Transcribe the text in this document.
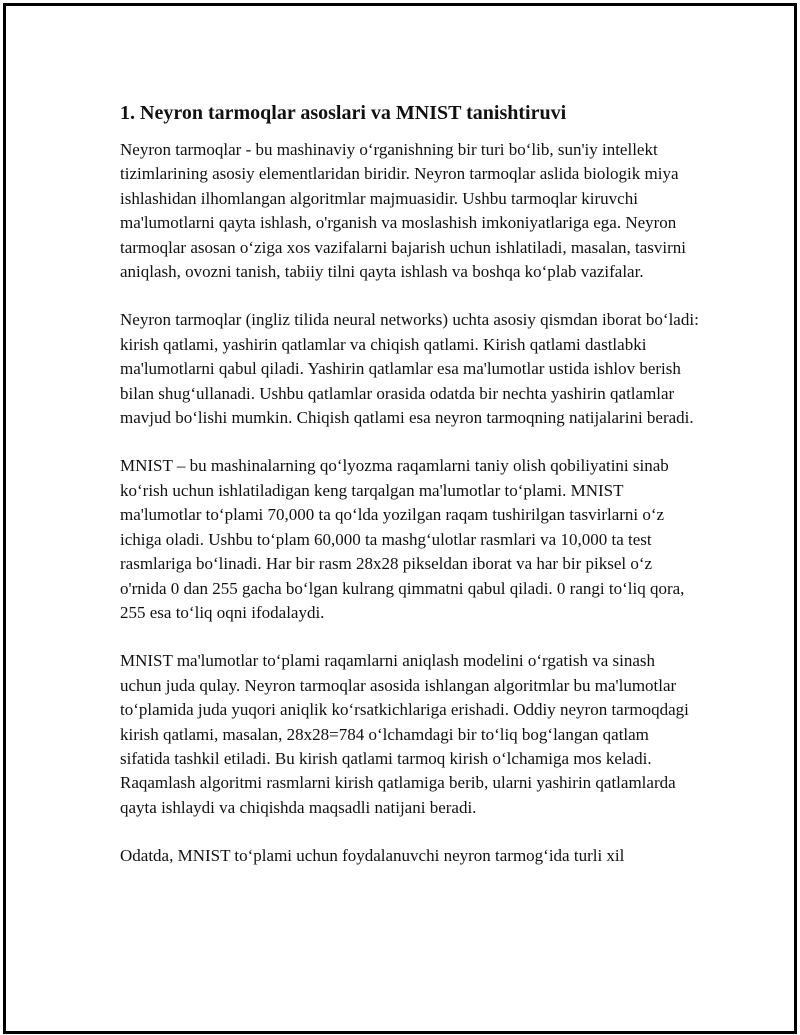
1. Neyron tarmoqlar asoslari va MNIST tanishtiruvi

Neyron tarmoqlar - bu mashinaviy o‘rganishning bir turi bo‘lib, sun'iy intellekt tizimlarining asosiy elementlaridan biridir. Neyron tarmoqlar aslida biologik miya ishlashidan ilhomlangan algoritmlar majmuasidir. Ushbu tarmoqlar kiruvchi ma'lumotlarni qayta ishlash, o'rganish va moslashish imkoniyatlariga ega. Neyron tarmoqlar asosan o‘ziga xos vazifalarni bajarish uchun ishlatiladi, masalan, tasvirni aniqlash, ovozni tanish, tabiiy tilni qayta ishlash va boshqa ko‘plab vazifalar.

Neyron tarmoqlar (ingliz tilida neural networks) uchta asosiy qismdan iborat bo‘ladi: kirish qatlami, yashirin qatlamlar va chiqish qatlami. Kirish qatlami dastlabki ma'lumotlarni qabul qiladi. Yashirin qatlamlar esa ma'lumotlar ustida ishlov berish bilan shug‘ullanadi. Ushbu qatlamlar orasida odatda bir nechta yashirin qatlamlar mavjud bo‘lishi mumkin. Chiqish qatlami esa neyron tarmoqning natijalarini beradi.

MNIST – bu mashinalarning qo‘lyozma raqamlarni taniy olish qobiliyatini sinab ko‘rish uchun ishlatiladigan keng tarqalgan ma'lumotlar to‘plami. MNIST ma'lumotlar to‘plami 70,000 ta qo‘lda yozilgan raqam tushirilgan tasvirlarni o‘z ichiga oladi. Ushbu to‘plam 60,000 ta mashg‘ulotlar rasmlari va 10,000 ta test rasmlariga bo‘linadi. Har bir rasm 28x28 pikseldan iborat va har bir piksel o‘z o'rnida 0 dan 255 gacha bo‘lgan kulrang qimmatni qabul qiladi. 0 rangi to‘liq qora, 255 esa to‘liq oqni ifodalaydi.

MNIST ma'lumotlar to‘plami raqamlarni aniqlash modelini o‘rgatish va sinash uchun juda qulay. Neyron tarmoqlar asosida ishlangan algoritmlar bu ma'lumotlar to‘plamida juda yuqori aniqlik ko‘rsatkichlariga erishadi. Oddiy neyron tarmoqdagi kirish qatlami, masalan, 28x28=784 o‘lchamdagi bir to‘liq bog‘langan qatlam sifatida tashkil etiladi. Bu kirish qatlami tarmoq kirish o‘lchamiga mos keladi. Raqamlash algoritmi rasmlarni kirish qatlamiga berib, ularni yashirin qatlamlarda qayta ishlaydi va chiqishda maqsadli natijani beradi.

Odatda, MNIST to‘plami uchun foydalanuvchi neyron tarmog‘ida turli xil
